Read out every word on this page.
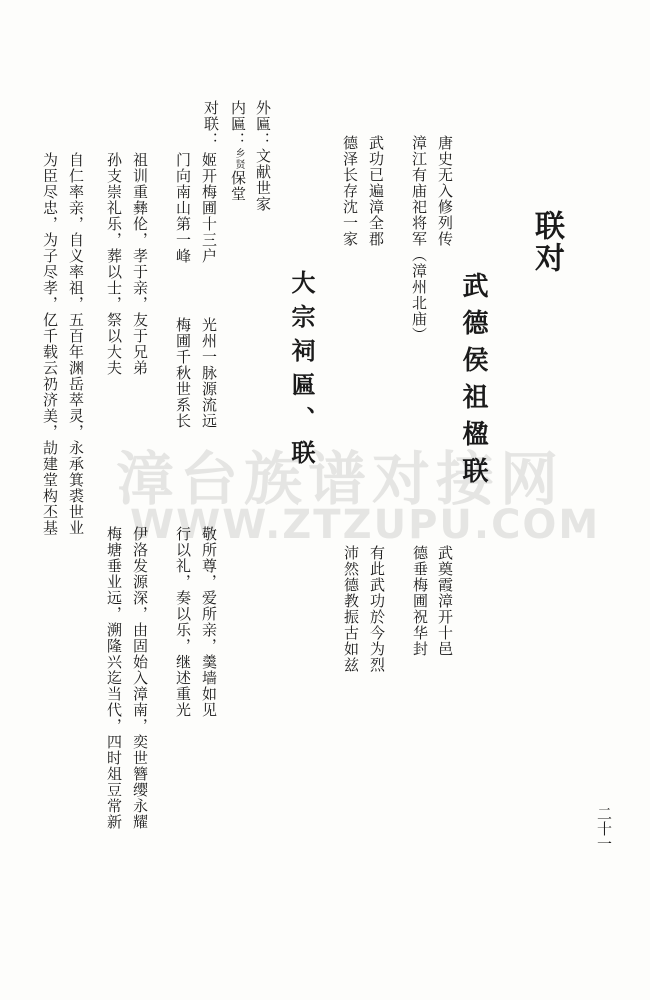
漳台族谱对接网
WWW.ZTZUPU.COM
联对
武德侯祖楹联
唐史无入修列传
漳江有庙祀将军（漳州北庙）
武功已遍漳全郡
德泽长存沈一家
武奠霞漳开十邑
德垂梅圃祝华封
有此武功於今为烈
沛然德教振古如兹
大宗祠匾、联
外匾：文献世家
内匾：乡贤保堂
对联：
姬开梅圃十三户
门向南山第一峰
光州一脉源流远
梅圃千秋世系长
祖训重彝伦，孝于亲，友于兄弟
孙支崇礼乐，葬以士，祭以大夫
自仁率亲，自义率祖，五百年渊岳萃灵，永承箕裘世业
为臣尽忠，为子尽孝，亿千载云礽济美，劼建堂构丕基
敬所尊，爱所亲，羹墙如见
行以礼，奏以乐，继述重光
伊洛发源深，由固始入漳南，奕世簪缨永耀
梅塘垂业远，溯隆兴迄当代，四时俎豆常新	二十一
